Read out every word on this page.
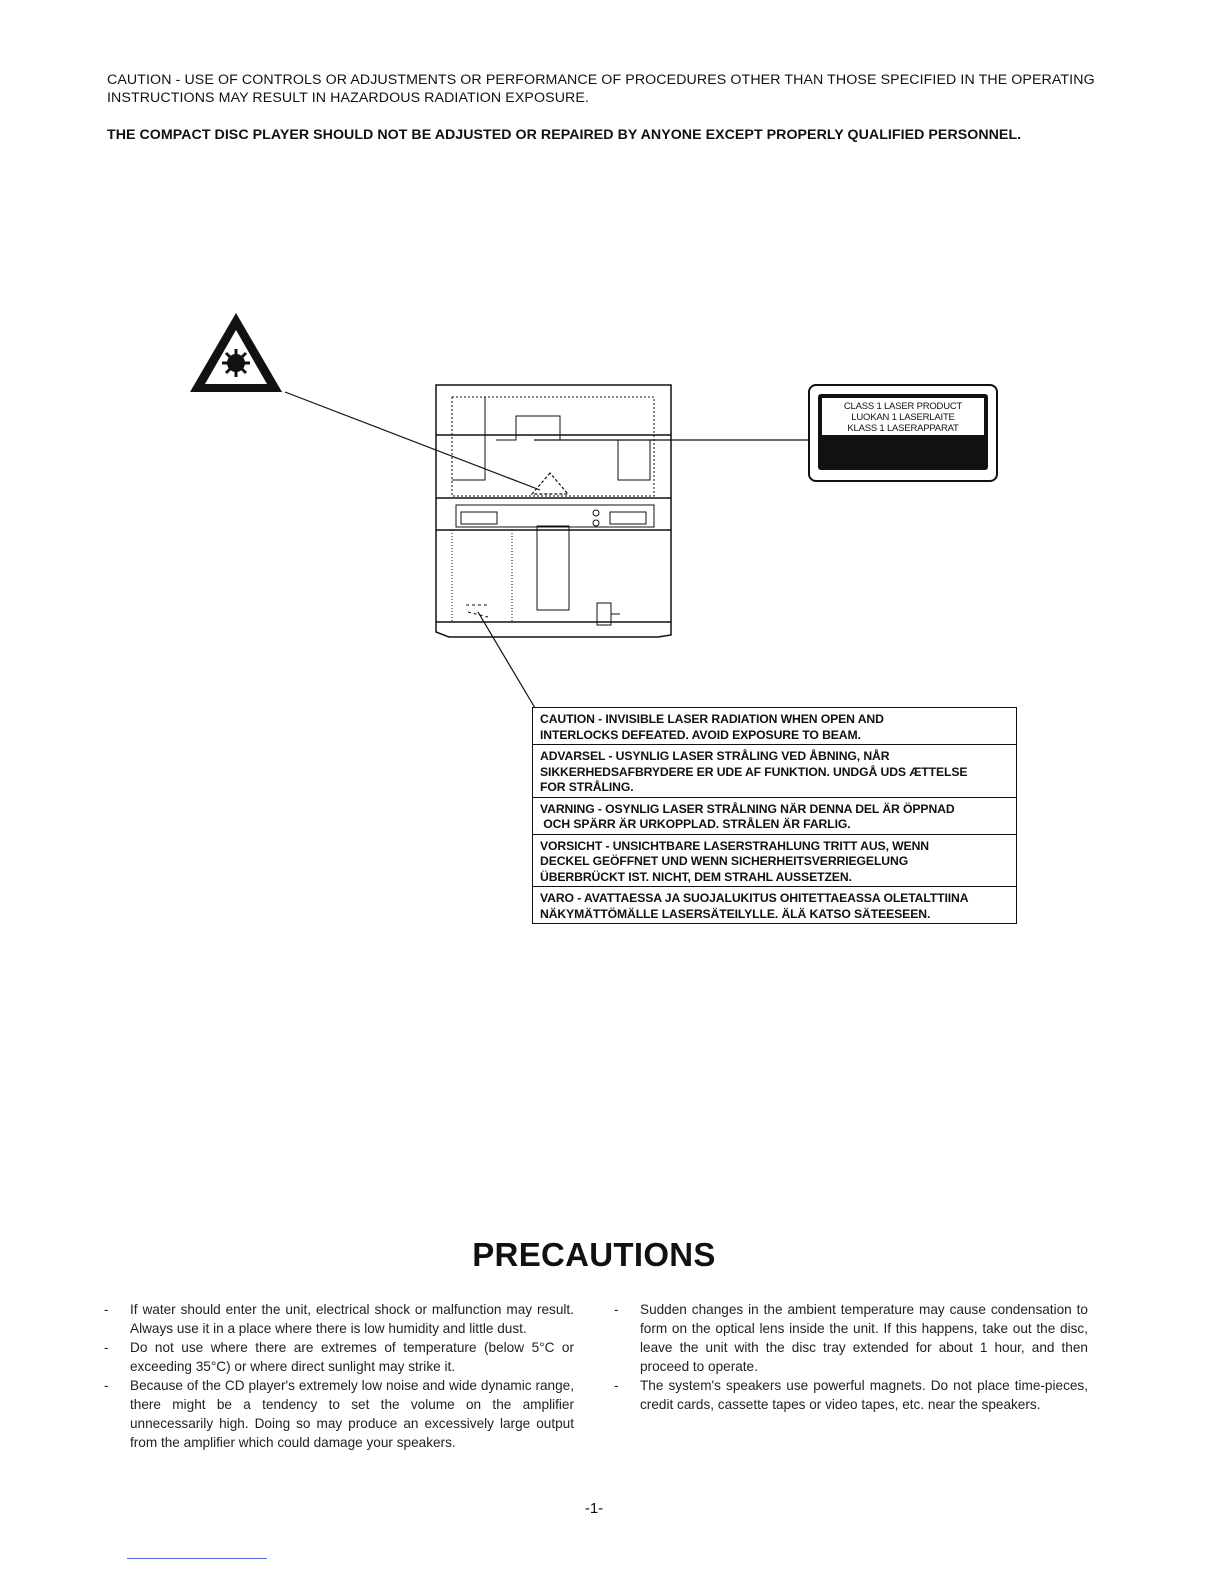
CAUTION - USE OF CONTROLS OR ADJUSTMENTS OR PERFORMANCE OF PROCEDURES OTHER THAN THOSE SPECIFIED IN THE OPERATING INSTRUCTIONS MAY RESULT IN HAZARDOUS RADIATION EXPOSURE.

THE COMPACT DISC PLAYER SHOULD NOT BE ADJUSTED OR REPAIRED BY ANYONE EXCEPT PROPERLY QUALIFIED PERSONNEL.

CLASS 1 LASER PRODUCT
LUOKAN 1 LASERLAITE
KLASS 1 LASERAPPARAT
CAUTION - INVISIBLE LASER RADIATION WHEN OPEN AND
INTERLOCKS DEFEATED. AVOID EXPOSURE TO BEAM.
ADVARSEL - USYNLIG LASER STRÅLING VED ÅBNING, NÅR
SIKKERHEDSAFBRYDERE ER UDE AF FUNKTION. UNDGÅ UDS ÆTTELSE
FOR STRÅLING.
VARNING - OSYNLIG LASER STRÅLNING NÄR DENNA DEL ÄR ÖPPNAD
OCH SPÄRR ÄR URKOPPLAD. STRÅLEN ÄR FARLIG.
VORSICHT - UNSICHTBARE LASERSTRAHLUNG TRITT AUS, WENN
DECKEL GEÖFFNET UND WENN SICHERHEITSVERRIEGELUNG
ÜBERBRÜCKT IST. NICHT, DEM STRAHL AUSSETZEN.
VARO - AVATTAESSA JA SUOJALUKITUS OHITETTAEASSA OLETALTTIINA
NÄKYMÄTTÖMÄLLE LASERSÄTEILYLLE. ÄLÄ KATSO SÄTEESEEN.
PRECAUTIONS
- If water should enter the unit, electrical shock or malfunction may result. Always use it in a place where there is low humidity and little dust.
- Do not use where there are extremes of temperature (below 5°C or exceeding 35°C) or where direct sunlight may strike it.
- Because of the CD player's extremely low noise and wide dynamic range, there might be a tendency to set the volume on the amplifier unnecessarily high. Doing so may produce an excessively large output from the amplifier which could damage your speakers.
- Sudden changes in the ambient temperature may cause condensation to form on the optical lens inside the unit. If this happens, take out the disc, leave the unit with the disc tray extended for about 1 hour, and then proceed to operate.
- The system's speakers use powerful magnets. Do not place time-pieces, credit cards, cassette tapes or video tapes, etc. near the speakers.
-1-
